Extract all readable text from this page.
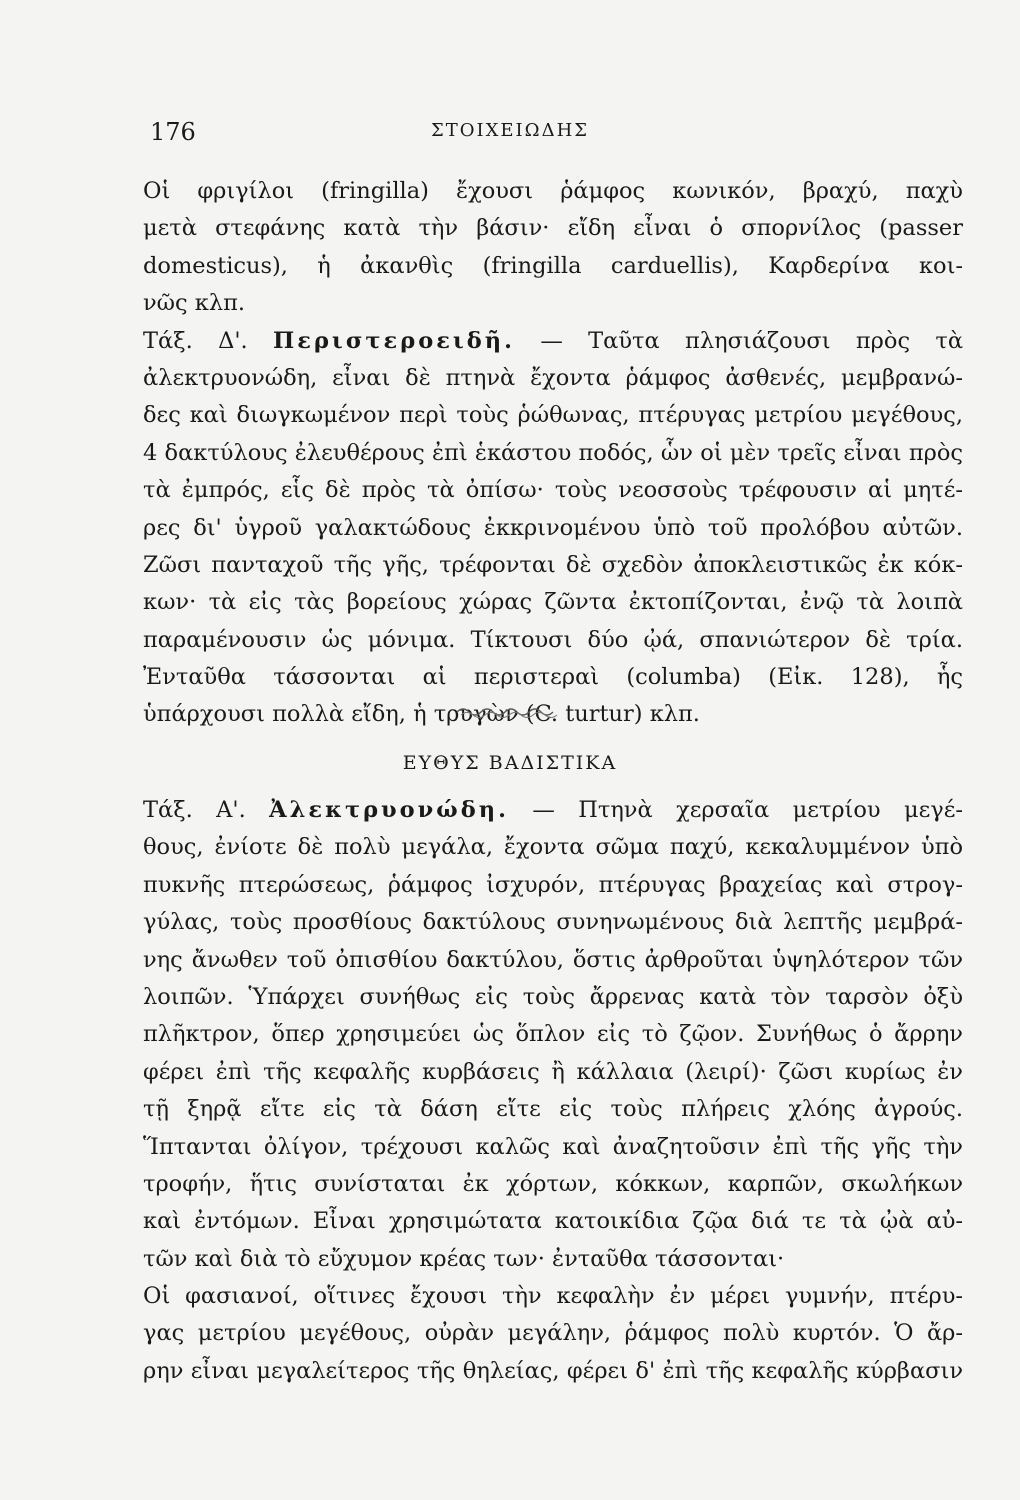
176	ΣΤΟΙΧΕΙΩΔΗΣ
Οἱ φριγίλοι (fringilla) ἔχουσι ῥάμφος κωνικόν, βραχύ, παχὺ
μετὰ στεφάνης κατὰ τὴν βάσιν· εἴδη εἶναι ὁ σπορνίλος (passer
domesticus), ἡ ἀκανθὶς (fringilla carduellis), Καρδερίνα κοι-
νῶς κλπ.
Τάξ. Δ'. Περιστεροειδῆ. — Ταῦτα πλησιάζουσι πρὸς τὰ
ἀλεκτρυονώδη, εἶναι δὲ πτηνὰ ἔχοντα ῥάμφος ἀσθενές, μεμβρανώ-
δες καὶ διωγκωμένον περὶ τοὺς ῥώθωνας, πτέρυγας μετρίου μεγέθους,
4 δακτύλους ἐλευθέρους ἐπὶ ἑκάστου ποδός, ὧν οἱ μὲν τρεῖς εἶναι πρὸς
τὰ ἐμπρός, εἷς δὲ πρὸς τὰ ὀπίσω· τοὺς νεοσσοὺς τρέφουσιν αἱ μητέ-
ρες δι' ὑγροῦ γαλακτώδους ἐκκρινομένου ὑπὸ τοῦ προλόβου αὐτῶν.
Ζῶσι πανταχοῦ τῆς γῆς, τρέφονται δὲ σχεδὸν ἀποκλειστικῶς ἐκ κόκ-
κων· τὰ εἰς τὰς βορείους χώρας ζῶντα ἐκτοπίζονται, ἐνῷ τὰ λοιπὰ
παραμένουσιν ὡς μόνιμα. Τίκτουσι δύο ᾠά, σπανιώτερον δὲ τρία.
Ἐνταῦθα τάσσονται αἱ περιστεραὶ (columba) (Εἰκ. 128), ἧς
ὑπάρχουσι πολλὰ εἴδη, ἡ τρυγὼν (C. turtur) κλπ.
ΕΥΘΥΣ ΒΑΔΙΣΤΙΚΑ
Τάξ. Α'. Ἀλεκτρυονώδη. — Πτηνὰ χερσαῖα μετρίου μεγέ-
θους, ἐνίοτε δὲ πολὺ μεγάλα, ἔχοντα σῶμα παχύ, κεκαλυμμένον ὑπὸ
πυκνῆς πτερώσεως, ῥάμφος ἰσχυρόν, πτέρυγας βραχείας καὶ στρογ-
γύλας, τοὺς προσθίους δακτύλους συνηνωμένους διὰ λεπτῆς μεμβρά-
νης ἄνωθεν τοῦ ὀπισθίου δακτύλου, ὅστις ἀρθροῦται ὑψηλότερον τῶν
λοιπῶν. Ὑπάρχει συνήθως εἰς τοὺς ἄρρενας κατὰ τὸν ταρσὸν ὀξὺ
πλῆκτρον, ὅπερ χρησιμεύει ὡς ὅπλον εἰς τὸ ζῷον. Συνήθως ὁ ἄρρην
φέρει ἐπὶ τῆς κεφαλῆς κυρβάσεις ἢ κάλλαια (λειρί)· ζῶσι κυρίως ἐν
τῇ ξηρᾷ εἴτε εἰς τὰ δάση εἴτε εἰς τοὺς πλήρεις χλόης ἀγρούς.
Ἵπτανται ὀλίγον, τρέχουσι καλῶς καὶ ἀναζητοῦσιν ἐπὶ τῆς γῆς τὴν
τροφήν, ἥτις συνίσταται ἐκ χόρτων, κόκκων, καρπῶν, σκωλήκων
καὶ ἐντόμων. Εἶναι χρησιμώτατα κατοικίδια ζῷα διά τε τὰ ᾠὰ αὐ-
τῶν καὶ διὰ τὸ εὔχυμον κρέας των· ἐνταῦθα τάσσονται·
Οἱ φασιανοί, οἵτινες ἔχουσι τὴν κεφαλὴν ἐν μέρει γυμνήν, πτέρυ-
γας μετρίου μεγέθους, οὐρὰν μεγάλην, ῥάμφος πολὺ κυρτόν. Ὁ ἄρ-
ρην εἶναι μεγαλείτερος τῆς θηλείας, φέρει δ' ἐπὶ τῆς κεφαλῆς κύρβασιν
